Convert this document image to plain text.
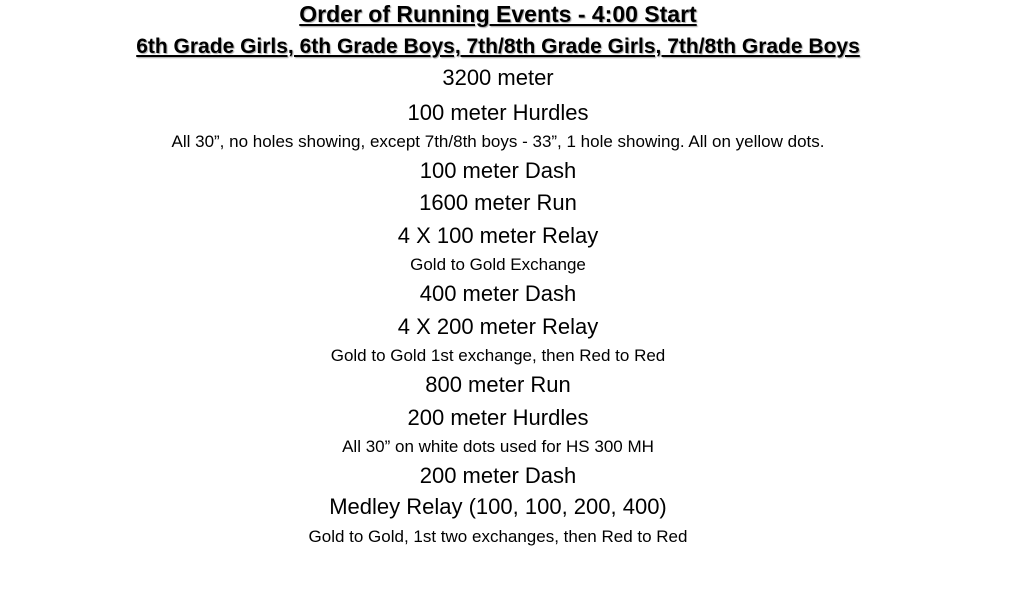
Order of Running Events - 4:00 Start
6th Grade Girls, 6th Grade Boys, 7th/8th Grade Girls, 7th/8th Grade Boys
3200 meter
100 meter Hurdles
All 30”, no holes showing, except 7th/8th boys - 33”, 1 hole showing. All on yellow dots.
100 meter Dash
1600 meter Run
4 X 100 meter Relay
Gold to Gold Exchange
400 meter Dash
4 X 200 meter Relay
Gold to Gold 1st exchange, then Red to Red
800 meter Run
200 meter Hurdles
All 30” on white dots used for HS 300 MH
200 meter Dash
Medley Relay (100, 100, 200, 400)
Gold to Gold, 1st two exchanges, then Red to Red
